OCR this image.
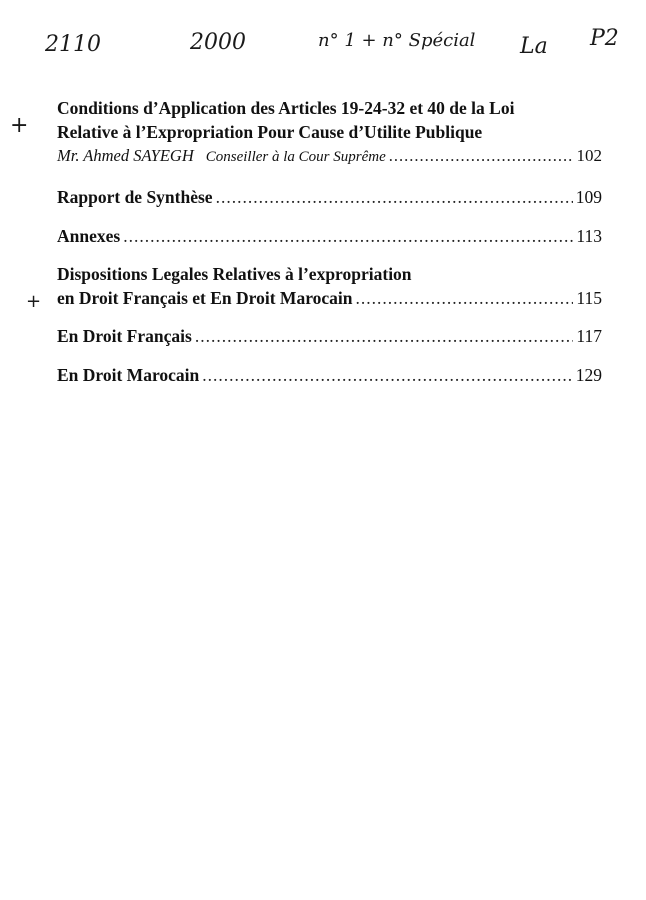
2110	2000	n° 1 + n° Spécial La P2
+
+
Conditions d’Application des Articles 19-24-32 et 40 de la Loi
Relative à l’Expropriation Pour Cause d’Utilite Publique
Mr. Ahmed SAYEGH Conseiller à la Cour Suprême .....	102
Rapport de Synthèse .....	109
Annexes .....	113
Dispositions Legales Relatives à l’expropriation
en Droit Français et En Droit Marocain .....	115
En Droit Français .....	117
En Droit Marocain .....	129
